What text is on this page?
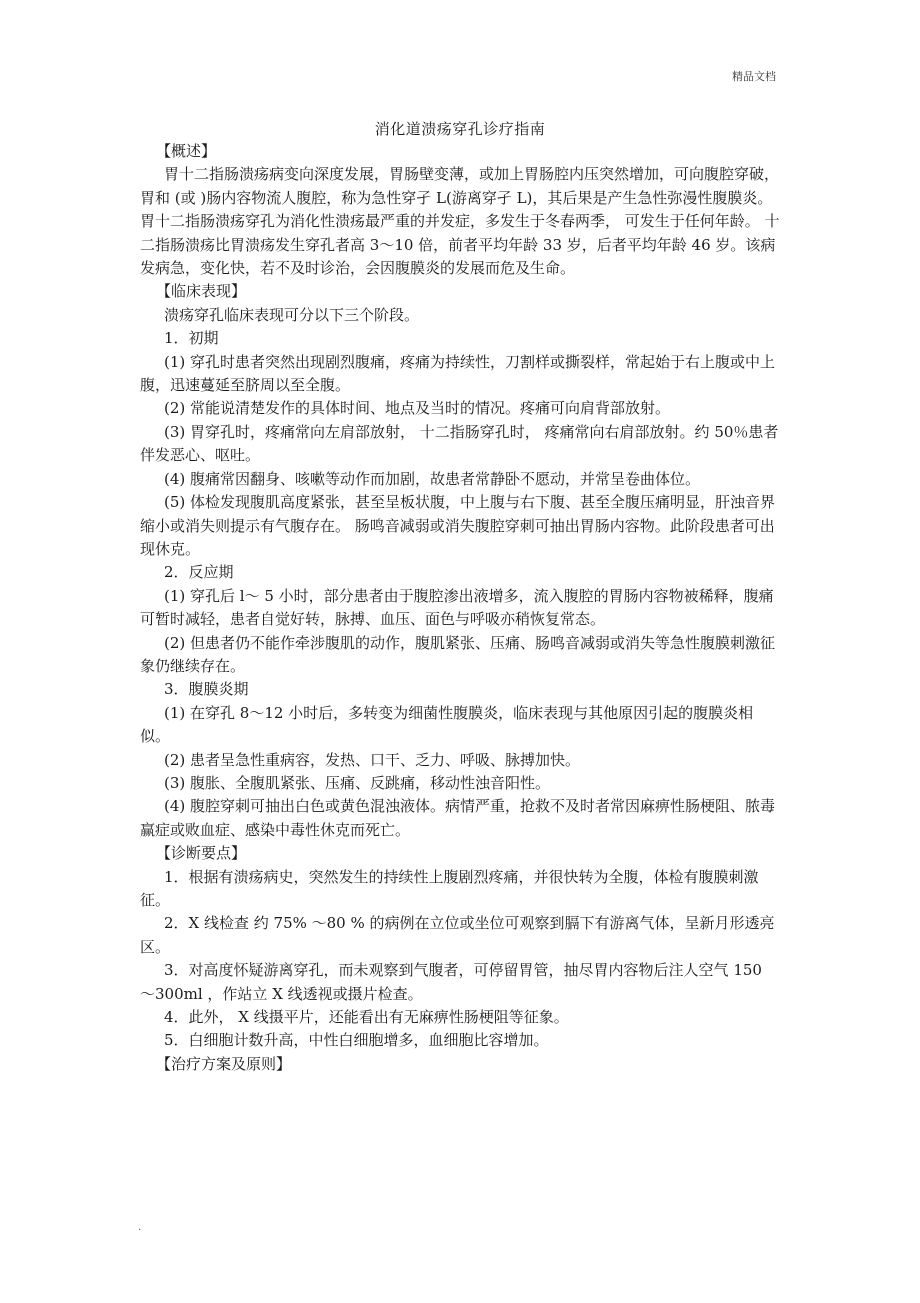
精品文档
消化道溃疡穿孔诊疗指南

【概述】

胃十二指肠溃疡病变向深度发展，胃肠壁变薄，或加上胃肠腔内压突然增加，可向腹腔穿破，胃和 (或 )肠内容物流人腹腔，称为急性穿孑 L(游离穿孑 L)，其后果是产生急性弥漫性腹膜炎。胃十二指肠溃疡穿孔为消化性溃疡最严重的并发症，多发生于冬春两季， 可发生于任何年龄。 十二指肠溃疡比胃溃疡发生穿孔者高 3～10 倍，前者平均年龄 33 岁，后者平均年龄 46 岁。该病发病急，变化快，若不及时诊治，会因腹膜炎的发展而危及生命。

【临床表现】

溃疡穿孔临床表现可分以下三个阶段。

1．初期

(1) 穿孔时患者突然出现剧烈腹痛，疼痛为持续性，刀割样或撕裂样，常起始于右上腹或中上腹，迅速蔓延至脐周以至全腹。

(2) 常能说清楚发作的具体时间、地点及当时的情况。疼痛可向肩背部放射。

(3) 胃穿孔时，疼痛常向左肩部放射， 十二指肠穿孔时， 疼痛常向右肩部放射。约 50％患者伴发恶心、呕吐。

(4) 腹痛常因翻身、咳嗽等动作而加剧，故患者常静卧不愿动，并常呈卷曲体位。

(5) 体检发现腹肌高度紧张，甚至呈板状腹，中上腹与右下腹、甚至全腹压痛明显，肝浊音界缩小或消失则提示有气腹存在。 肠鸣音减弱或消失腹腔穿刺可抽出胃肠内容物。此阶段患者可出现休克。

2．反应期

(1) 穿孔后 l～ 5 小时，部分患者由于腹腔渗出液增多，流入腹腔的胃肠内容物被稀释，腹痛可暂时减轻，患者自觉好转，脉搏、血压、面色与呼吸亦稍恢复常态。

(2) 但患者仍不能作牵涉腹肌的动作，腹肌紧张、压痛、肠鸣音减弱或消失等急性腹膜刺激征象仍继续存在。

3．腹膜炎期

(1) 在穿孔 8～12 小时后，多转变为细菌性腹膜炎，临床表现与其他原因引起的腹膜炎相似。

(2) 患者呈急性重病容，发热、口干、乏力、呼吸、脉搏加快。

(3) 腹胀、全腹肌紧张、压痛、反跳痛，移动性浊音阳性。

(4) 腹腔穿刺可抽出白色或黄色混浊液体。病情严重，抢救不及时者常因麻痹性肠梗阻、脓毒赢症或败血症、感染中毒性休克而死亡。

【诊断要点】

1．根据有溃疡病史，突然发生的持续性上腹剧烈疼痛，并很快转为全腹，体检有腹膜刺激征。

2．X 线检查 约 75% ～80 % 的病例在立位或坐位可观察到膈下有游离气体，呈新月形透亮区。

3．对高度怀疑游离穿孔，而未观察到气腹者，可停留胃管，抽尽胃内容物后注人空气 150 ～300ml ，作站立 X 线透视或摄片检查。

4．此外， X 线摄平片，还能看出有无麻痹性肠梗阻等征象。

5．白细胞计数升高，中性白细胞增多，血细胞比容增加。

【治疗方案及原则】

.
